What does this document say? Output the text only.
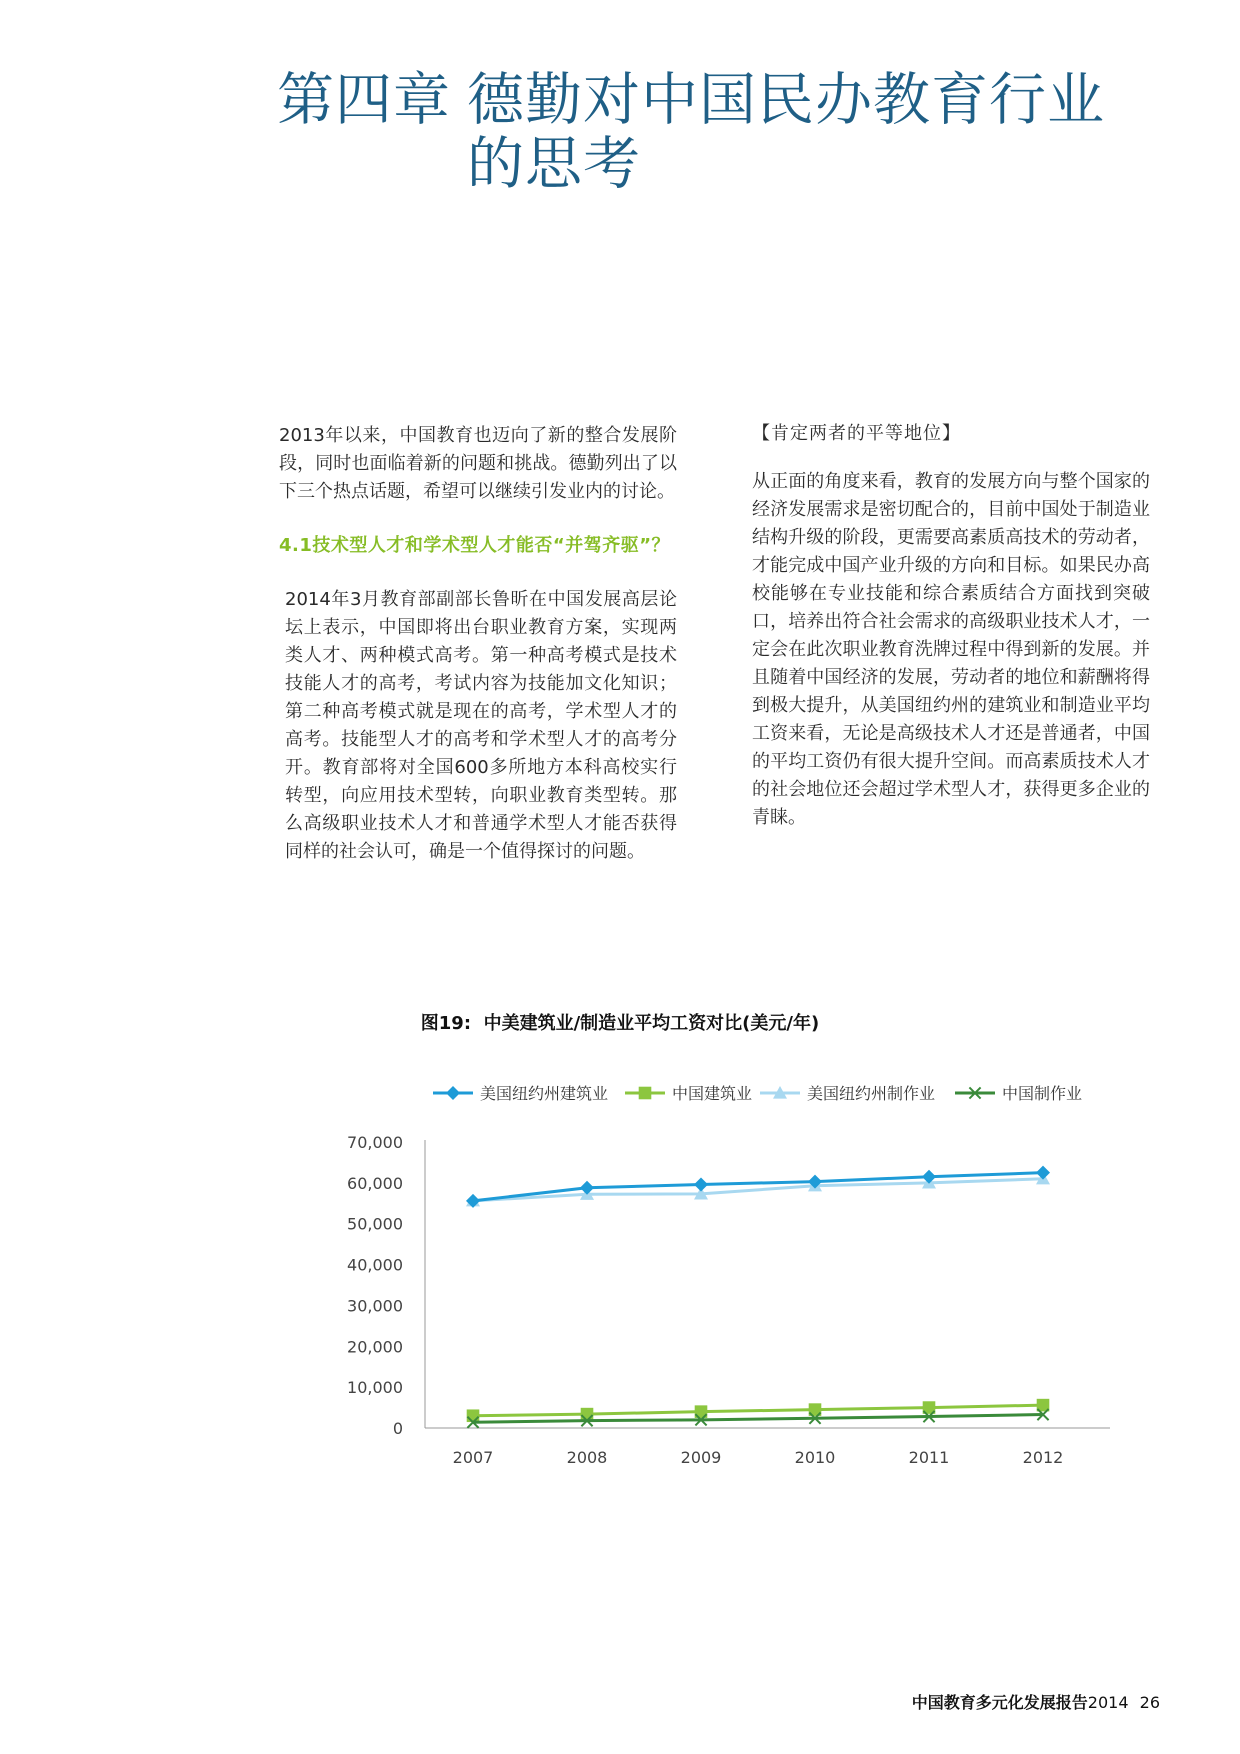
第四章 德勤对中国民办教育行业
的思考

2013年以来，中国教育也迈向了新的整合发展阶段，同时也面临着新的问题和挑战。德勤列出了以下三个热点话题，希望可以继续引发业内的讨论。

4.1技术型人才和学术型人才能否“并驾齐驱”？

2014年3月教育部副部长鲁昕在中国发展高层论坛上表示，中国即将出台职业教育方案，实现两类人才、两种模式高考。第一种高考模式是技术技能人才的高考，考试内容为技能加文化知识；第二种高考模式就是现在的高考，学术型人才的高考。技能型人才的高考和学术型人才的高考分开。教育部将对全国600多所地方本科高校实行转型，向应用技术型转，向职业教育类型转。那么高级职业技术人才和普通学术型人才能否获得同样的社会认可，确是一个值得探讨的问题。

【肯定两者的平等地位】

从正面的角度来看，教育的发展方向与整个国家的经济发展需求是密切配合的，目前中国处于制造业结构升级的阶段，更需要高素质高技术的劳动者，才能完成中国产业升级的方向和目标。如果民办高校能够在专业技能和综合素质结合方面找到突破口，培养出符合社会需求的高级职业技术人才，一定会在此次职业教育洗牌过程中得到新的发展。并且随着中国经济的发展，劳动者的地位和薪酬将得到极大提升，从美国纽约州的建筑业和制造业平均工资来看，无论是高级技术人才还是普通者，中国的平均工资仍有很大提升空间。而高素质技术人才的社会地位还会超过学术型人才，获得更多企业的青睐。

图19: 中美建筑业/制造业平均工资对比(美元/年)
0
10,000
20,000
30,000
40,000
50,000
60,000
70,000
2007	2008	2009	2010	2011	2012
美国纽约州建筑业	中国建筑业	美国纽约州制作业	中国制作业
中国教育多元化发展报告2014 26
